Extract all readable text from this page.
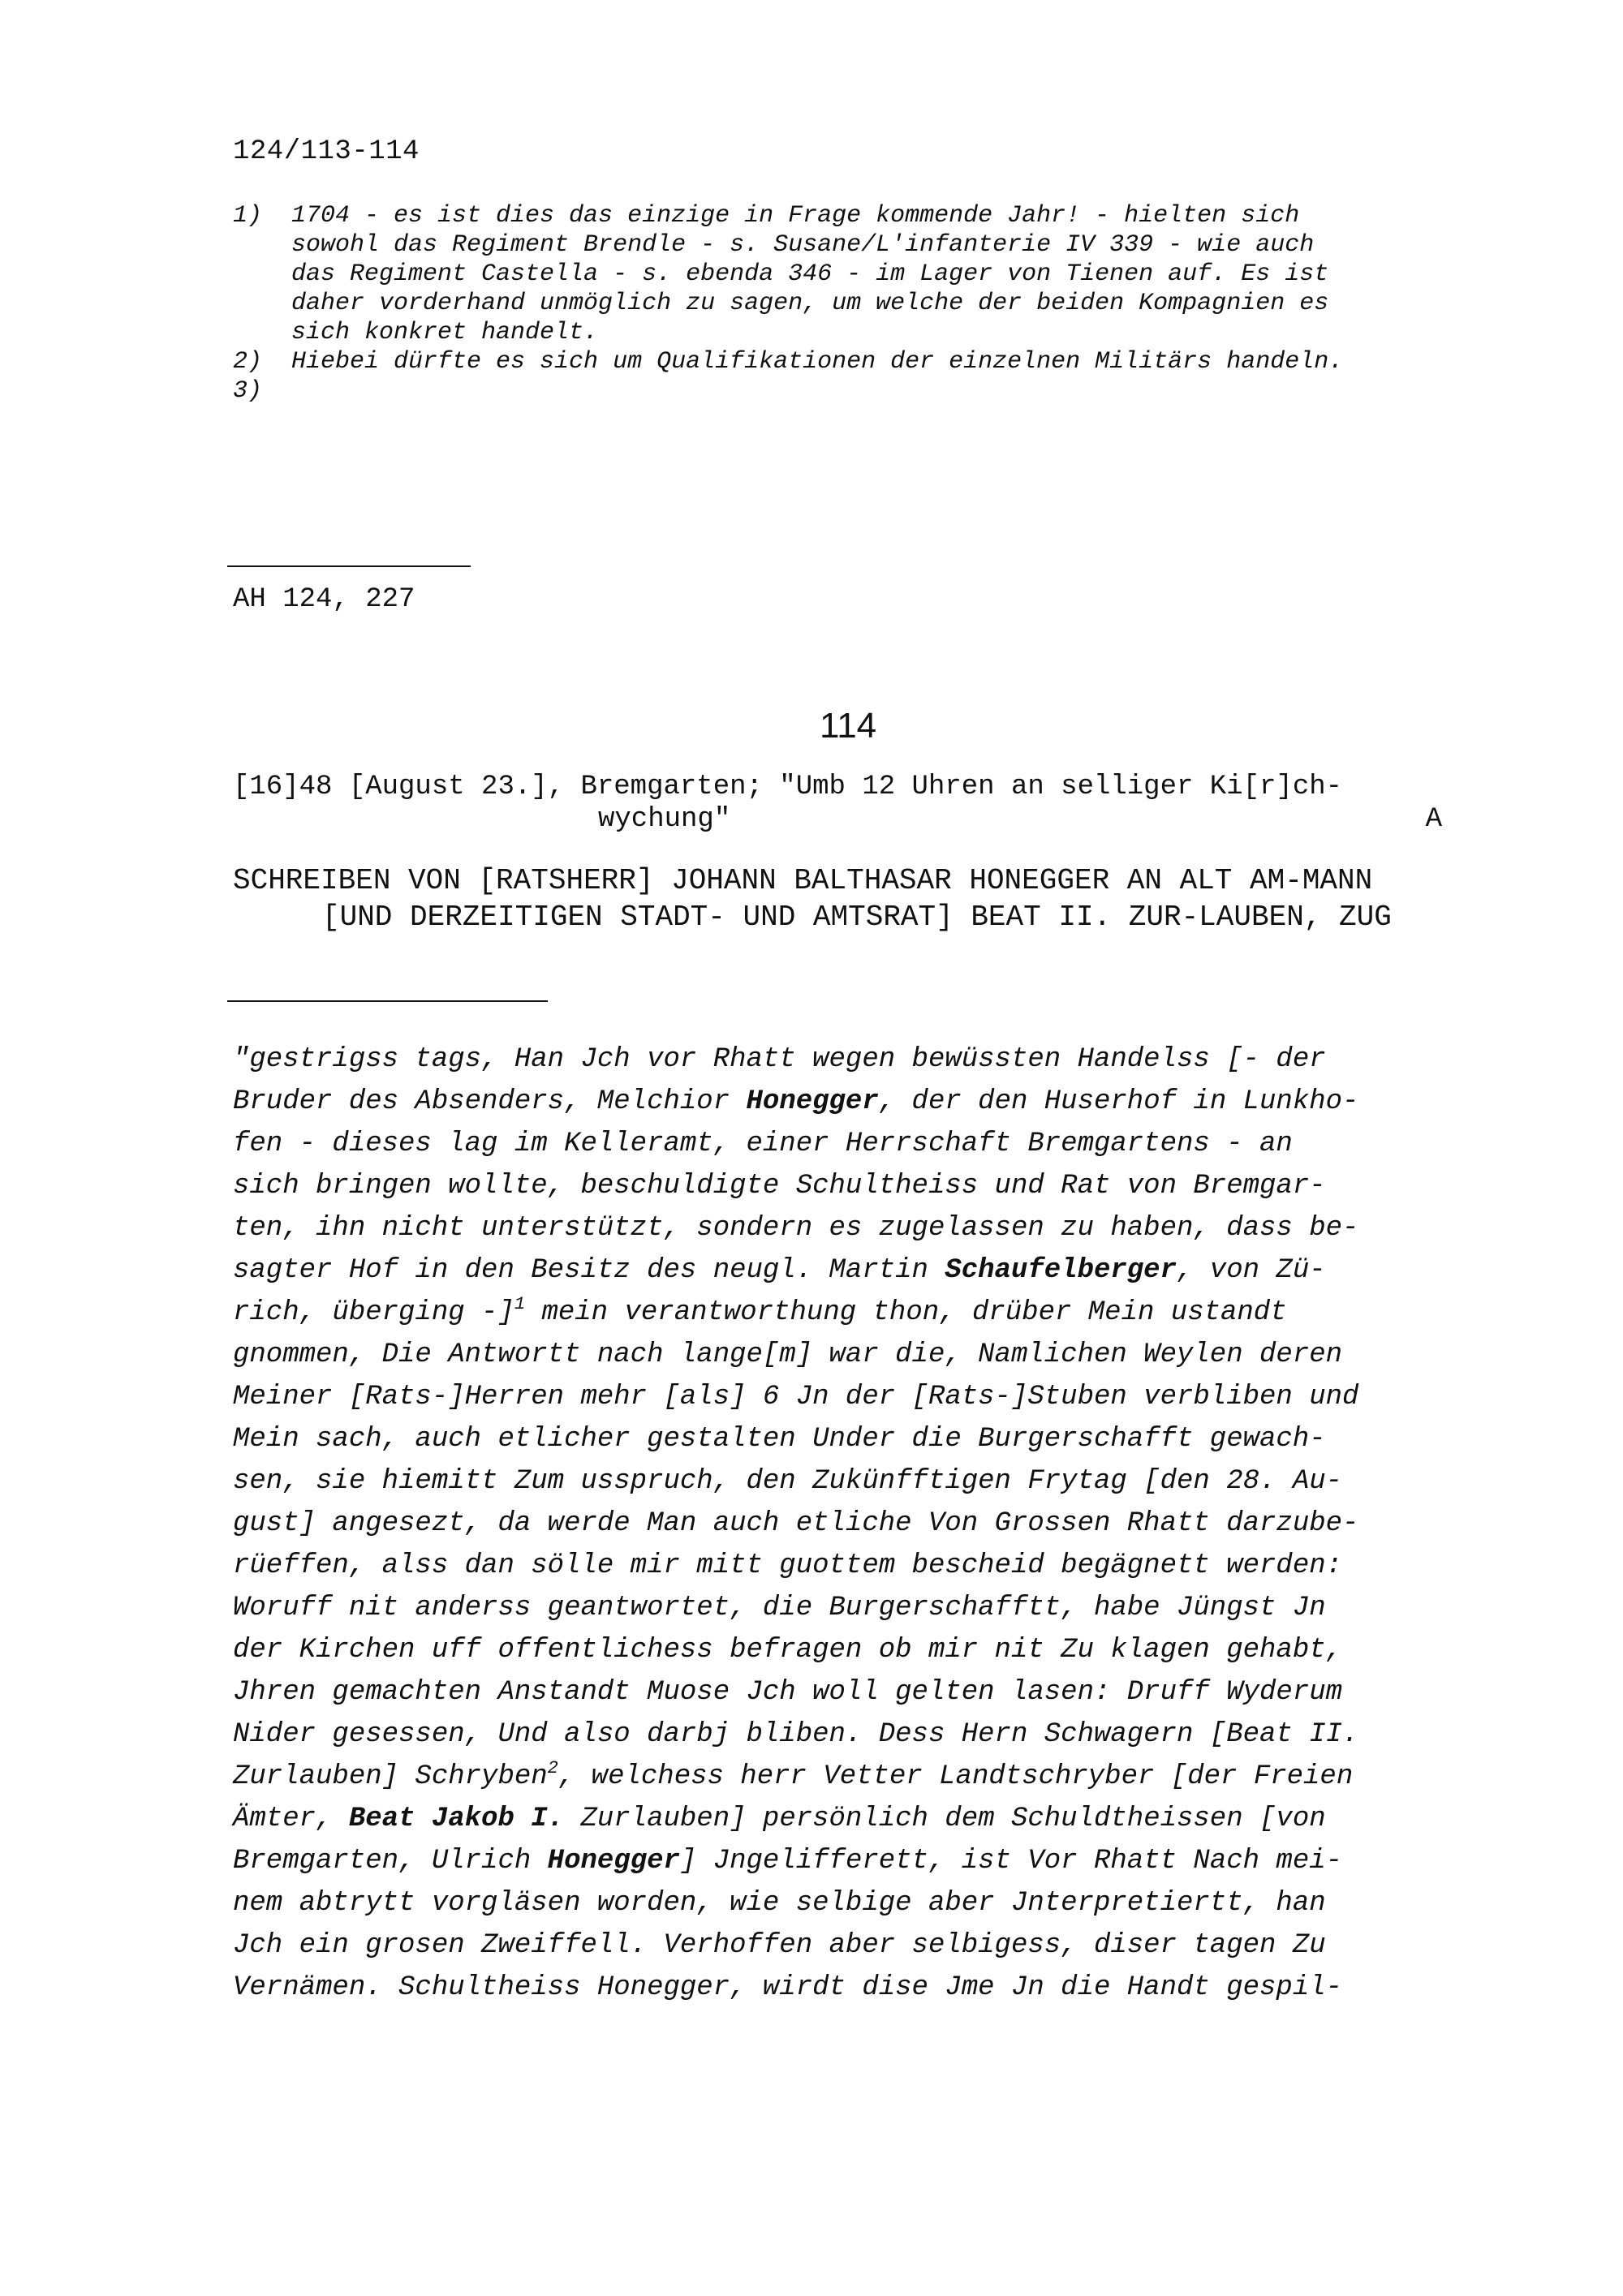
124/113-114
1)	1704 - es ist dies das einzige in Frage kommende Jahr! - hielten sich
sowohl das Regiment Brendle - s. Susane/L'infanterie IV 339 - wie auch
das Regiment Castella - s. ebenda 346 - im Lager von Tienen auf. Es ist
daher vorderhand unmöglich zu sagen, um welche der beiden Kompagnien es
sich konkret handelt.
2)	Hiebei dürfte es sich um Qualifikationen der einzelnen Militärs handeln.
3)
AH 124, 227
114
[16]48 [August 23.], Bremgarten; "Umb 12 Uhren an selliger Ki[r]ch-
wychung"	A
SCHREIBEN VON [RATSHERR] JOHANN BALTHASAR HONEGGER AN ALT AM-MANN [UND DERZEITIGEN STADT- UND AMTSRAT] BEAT II. ZUR-LAUBEN, ZUG
"gestrigss tags, Han Jch vor Rhatt wegen bewüssten Handelss [- der
Bruder des Absenders, Melchior Honegger, der den Huserhof in Lunkho-
fen - dieses lag im Kelleramt, einer Herrschaft Bremgartens - an
sich bringen wollte, beschuldigte Schultheiss und Rat von Bremgar-
ten, ihn nicht unterstützt, sondern es zugelassen zu haben, dass be-
sagter Hof in den Besitz des neugl. Martin Schaufelberger, von Zü-
rich, überging -]$^1$ mein verantworthung thon, drüber Mein ustandt
gnommen, Die Antwortt nach lange[m] war die, Namlichen Weylen deren
Meiner [Rats-]Herren mehr [als] 6 Jn der [Rats-]Stuben verbliben und
Mein sach, auch etlicher gestalten Under die Burgerschafft gewach-
sen, sie hiemitt Zum usspruch, den Zukünfftigen Frytag [den 28. Au-
gust] angesezt, da werde Man auch etliche Von Grossen Rhatt darzube-
rüeffen, alss dan sölle mir mitt guottem bescheid begägnett werden:
Woruff nit anderss geantwortet, die Burgerschafftt, habe Jüngst Jn
der Kirchen uff offentlichess befragen ob mir nit Zu klagen gehabt,
Jhren gemachten Anstandt Muose Jch woll gelten lasen: Druff Wyderum
Nider gesessen, Und also darbj bliben. Dess Hern Schwagern [Beat II.
Zurlauben] Schryben$^2$, welchess herr Vetter Landtschryber [der Freien
Ämter, Beat Jakob I. Zurlauben] persönlich dem Schuldtheissen [von
Bremgarten, Ulrich Honegger] Jngelifferett, ist Vor Rhatt Nach mei-
nem abtrytt vorgläsen worden, wie selbige aber Jnterpretiertt, han
Jch ein grosen Zweiffell. Verhoffen aber selbigess, diser tagen Zu
Vernämen. Schultheiss Honegger, wirdt dise Jme Jn die Handt gespil-
